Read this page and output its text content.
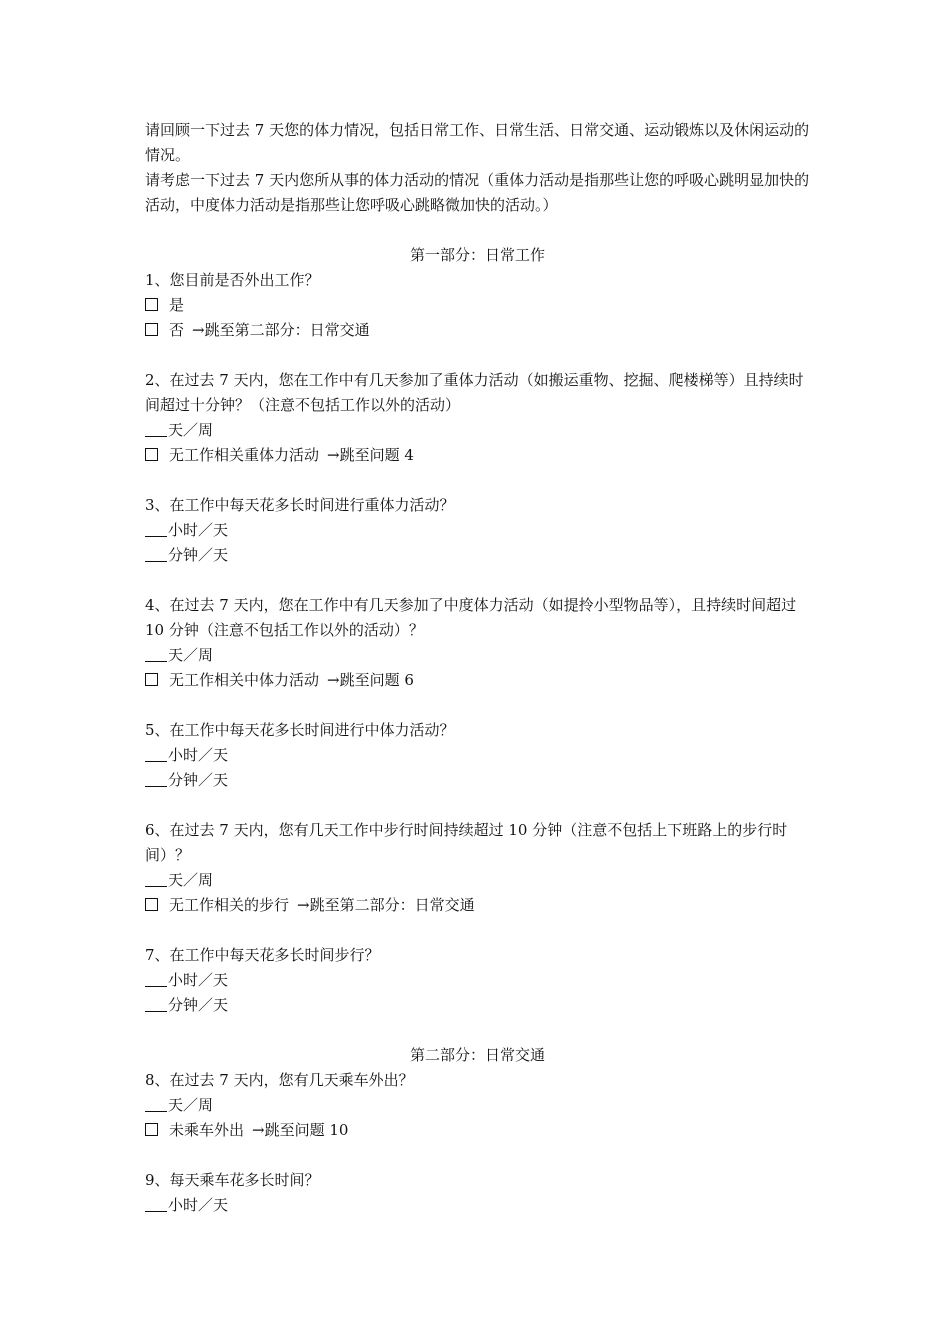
请回顾一下过去 7 天您的体力情况，包括日常工作、日常生活、日常交通、运动锻炼以及休闲运动的情况。

请考虑一下过去 7 天内您所从事的体力活动的情况（重体力活动是指那些让您的呼吸心跳明显加快的活动，中度体力活动是指那些让您呼吸心跳略微加快的活动。）

第一部分：日常工作
1、您目前是否外出工作？
是
否 →跳至第二部分：日常交通
2、在过去 7 天内，您在工作中有几天参加了重体力活动（如搬运重物、挖掘、爬楼梯等）且持续时间超过十分钟？（注意不包括工作以外的活动）
天／周
无工作相关重体力活动 →跳至问题 4
3、在工作中每天花多长时间进行重体力活动？
小时／天
分钟／天
4、在过去 7 天内，您在工作中有几天参加了中度体力活动（如提拎小型物品等），且持续时间超过 10 分钟（注意不包括工作以外的活动）？
天／周
无工作相关中体力活动 →跳至问题 6
5、在工作中每天花多长时间进行中体力活动？
小时／天
分钟／天
6、在过去 7 天内，您有几天工作中步行时间持续超过 10 分钟（注意不包括上下班路上的步行时间）？
天／周
无工作相关的步行 →跳至第二部分：日常交通
7、在工作中每天花多长时间步行？
小时／天
分钟／天
第二部分：日常交通
8、在过去 7 天内，您有几天乘车外出？
天／周
未乘车外出 →跳至问题 10
9、每天乘车花多长时间？
小时／天
